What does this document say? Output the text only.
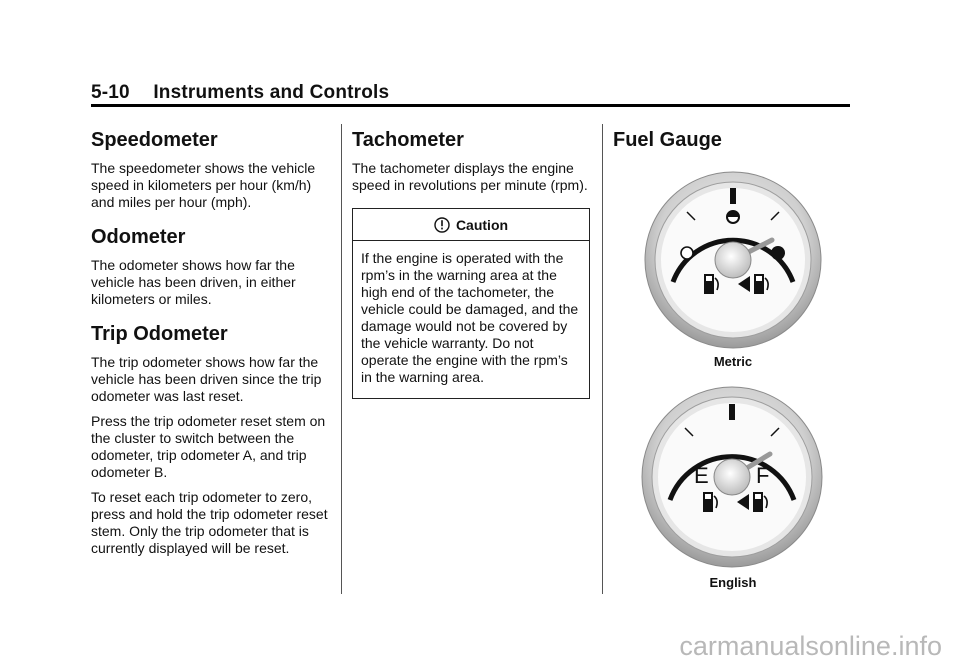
5-10 Instruments and Controls
Speedometer

The speedometer shows the vehicle speed in kilometers per hour (km/h) and miles per hour (mph).

Odometer

The odometer shows how far the vehicle has been driven, in either kilometers or miles.

Trip Odometer

The trip odometer shows how far the vehicle has been driven since the trip odometer was last reset.

Press the trip odometer reset stem on the cluster to switch between the odometer, trip odometer A, and trip odometer B.

To reset each trip odometer to zero, press and hold the trip odometer reset stem. Only the trip odometer that is currently displayed will be reset.

Tachometer

The tachometer displays the engine speed in revolutions per minute (rpm).

Caution

If the engine is operated with the rpm’s in the warning area at the high end of the tachometer, the vehicle could be damaged, and the damage would not be covered by the vehicle warranty. Do not operate the engine with the rpm’s in the warning area.

Fuel Gauge
Metric
E F
English
carmanualsonline.info
